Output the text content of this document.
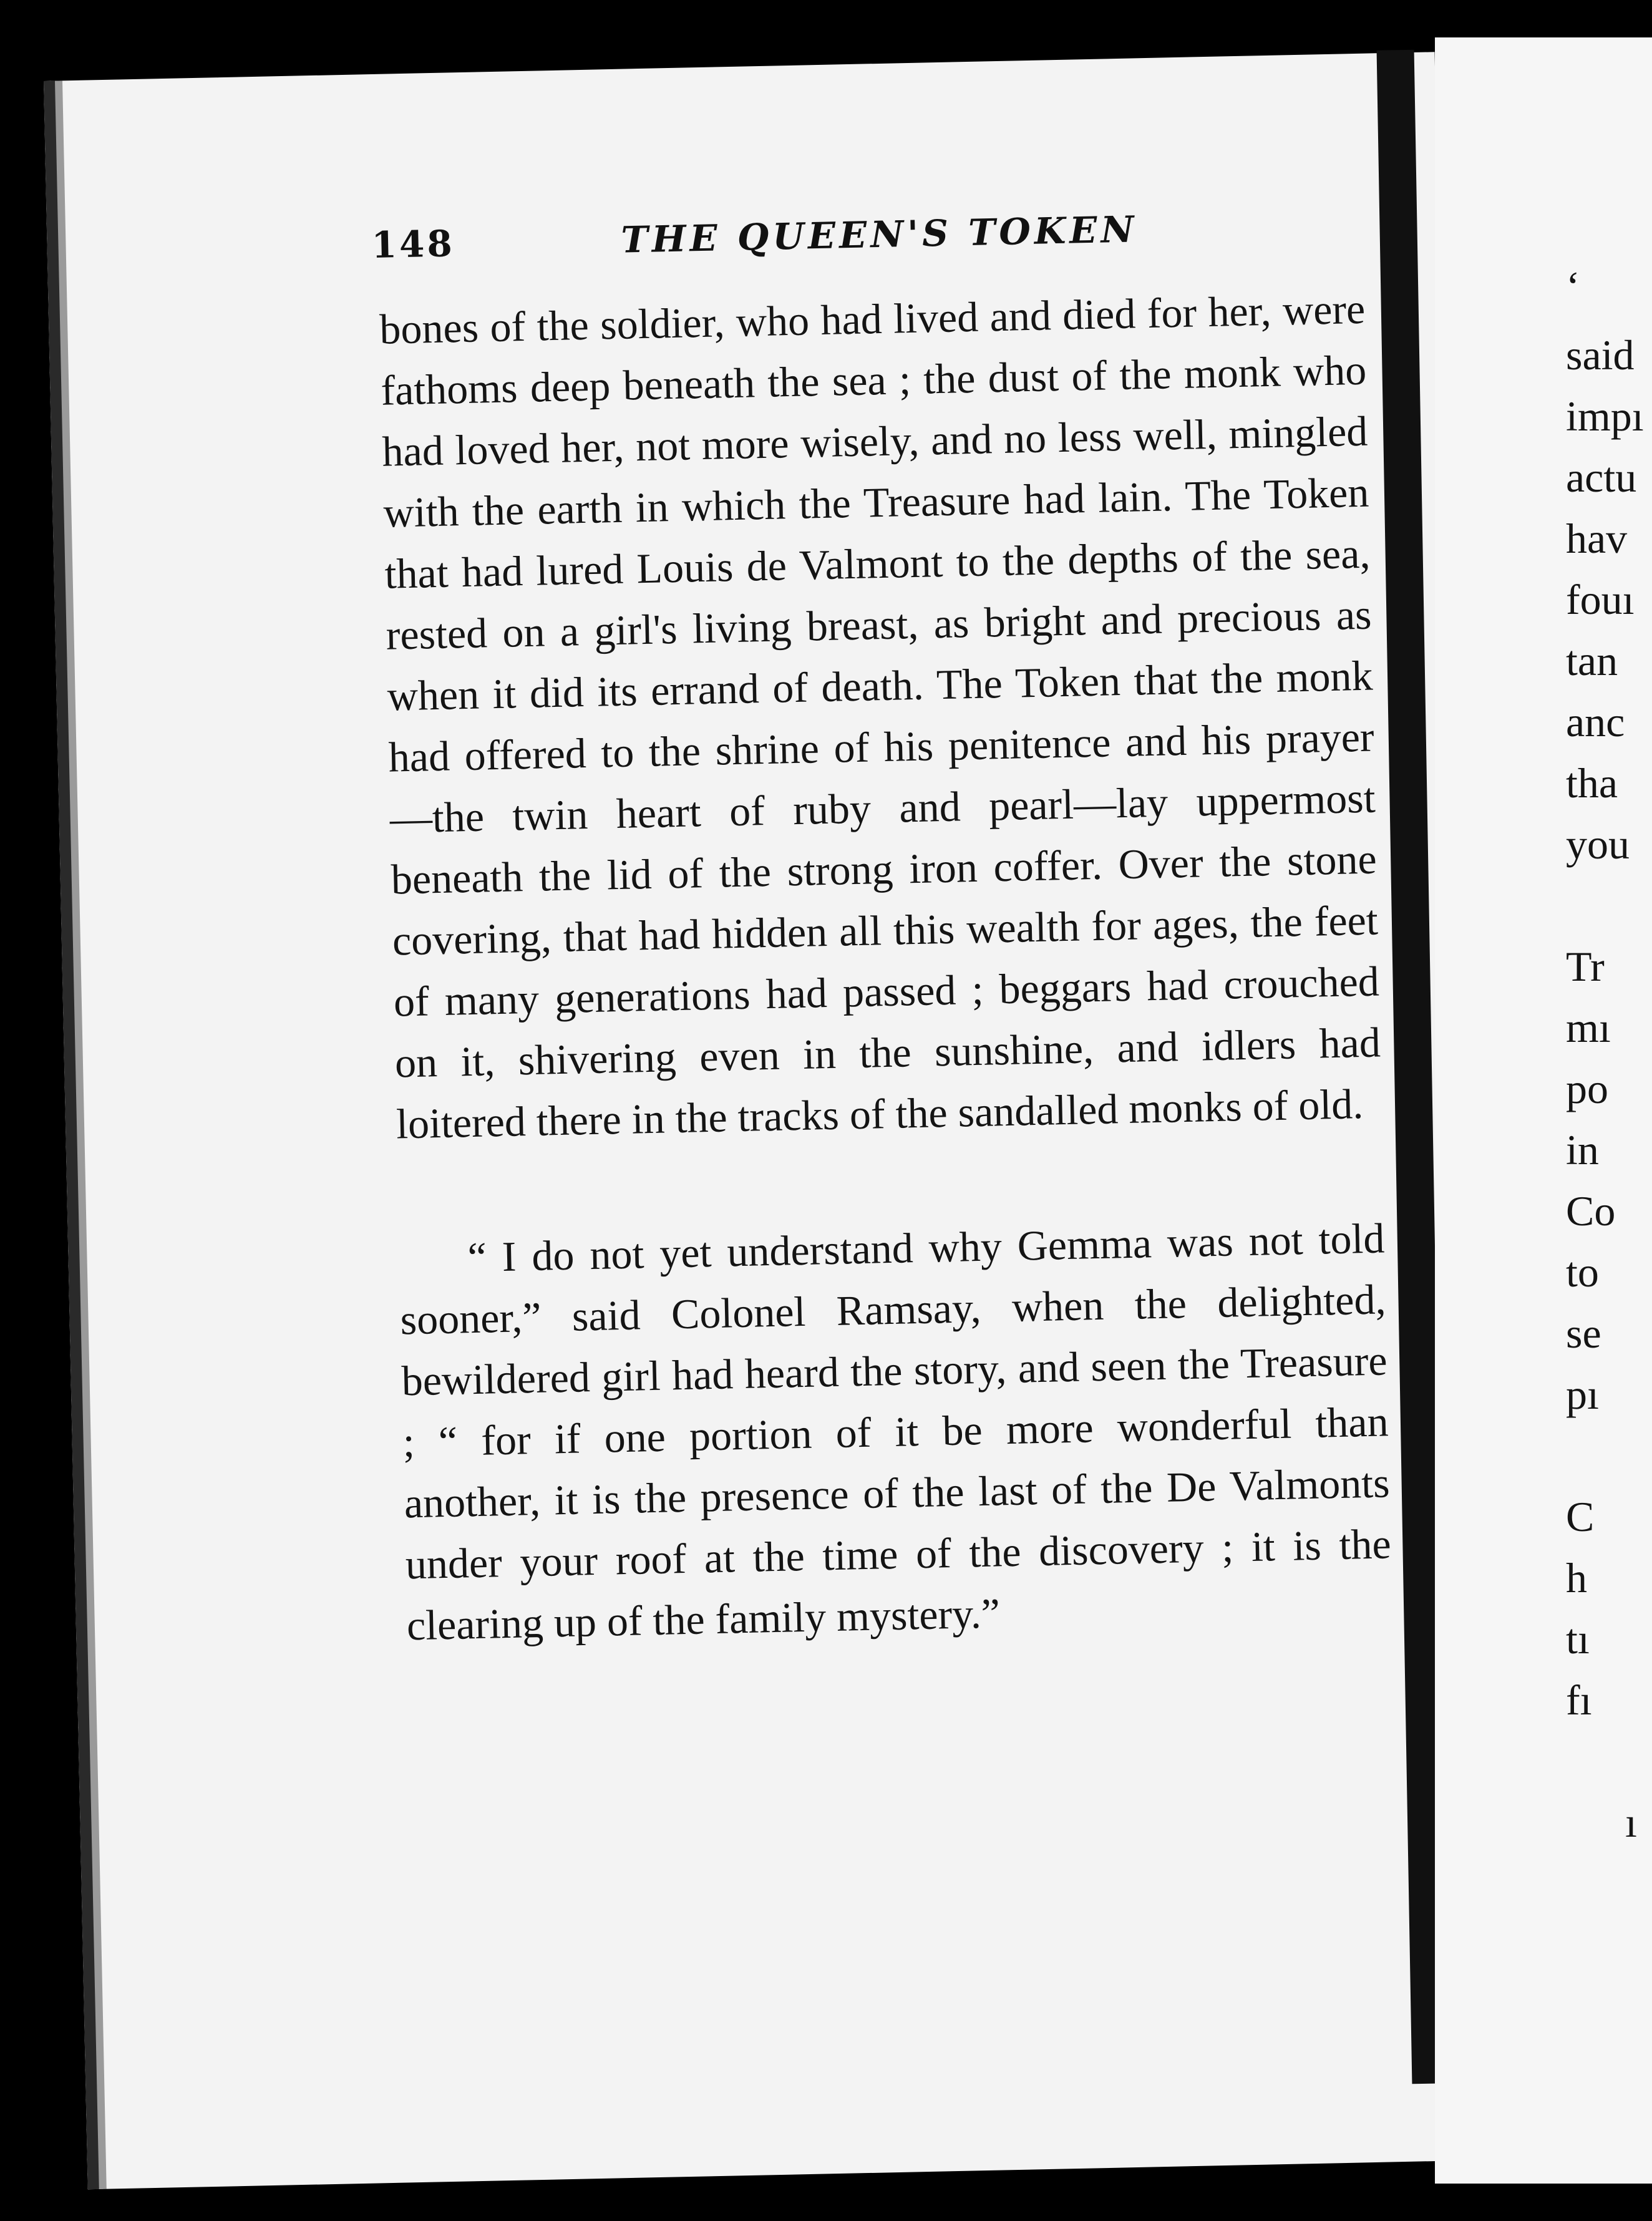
148	THE QUEEN'S TOKEN

bones of the soldier, who had lived and died for her, were fathoms deep beneath the sea ; the dust of the monk who had loved her, not more wisely, and no less well, mingled with the earth in which the Treasure had lain. The Token that had lured Louis de Valmont to the depths of the sea, rested on a girl's living breast, as bright and precious as when it did its errand of death. The Token that the monk had offered to the shrine of his penitence and his prayer—the twin heart of ruby and pearl—lay uppermost beneath the lid of the strong iron coffer. Over the stone covering, that had hidden all this wealth for ages, the feet of many generations had passed ; beggars had crouched on it, shivering even in the sunshine, and idlers had loitered there in the tracks of the sandalled monks of old.

“ I do not yet understand why Gemma was not told sooner,” said Colonel Ramsay, when the delighted, bewildered girl had heard the story, and seen the Treasure ; “ for if one portion of it be more wonderful than another, it is the presence of the last of the De Valmonts under your roof at the time of the discovery ; it is the clearing up of the family mystery.”

‘
said
impı
actu
hav
fouı
tan
anc
tha
you
Tr
mı
po
in
Co
to
se
pı
C
h
tı
fı
ı
